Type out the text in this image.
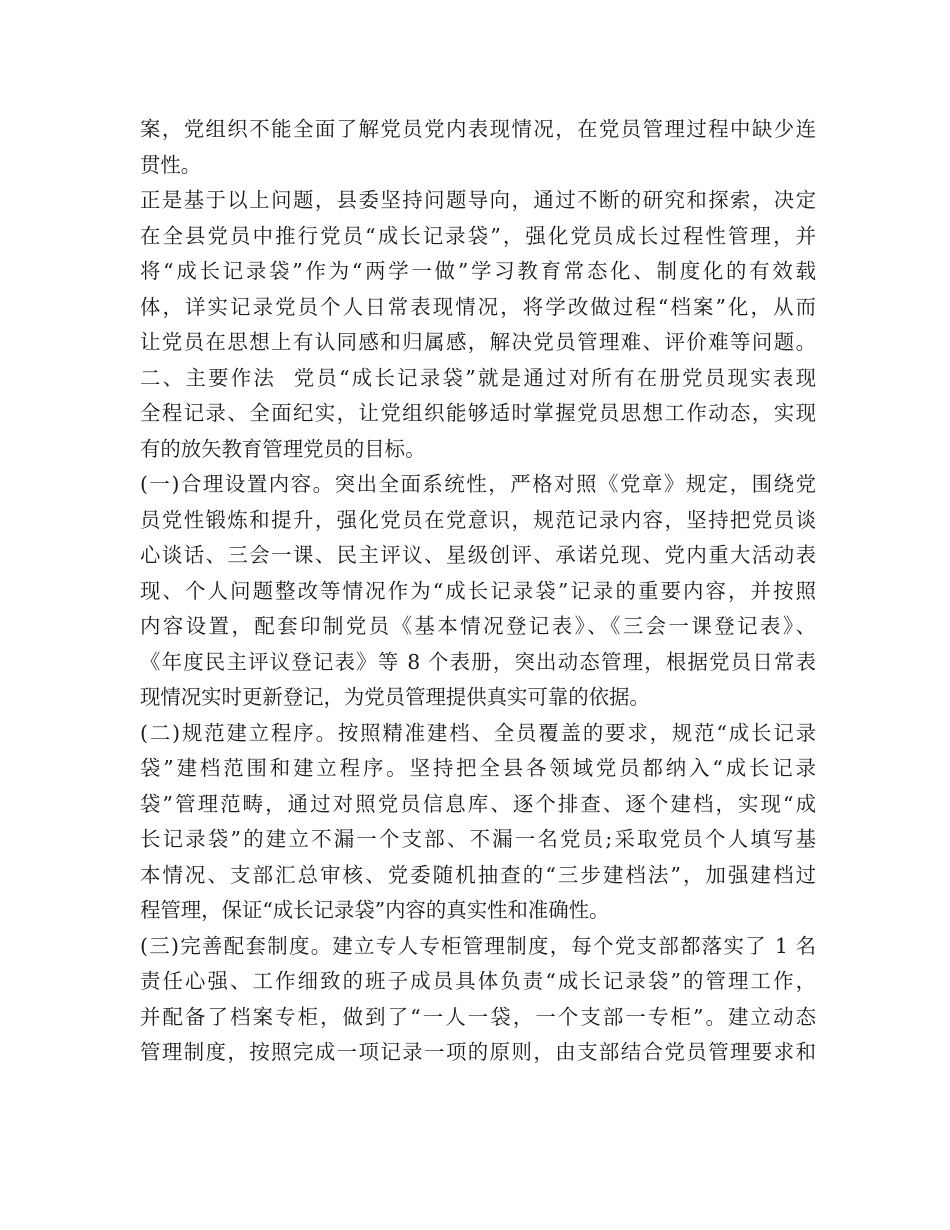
案，党组织不能全面了解党员党内表现情况，在党员管理过程中缺少连
贯性。
正是基于以上问题，县委坚持问题导向，通过不断的研究和探索，决定
在全县党员中推行党员“成长记录袋”，强化党员成长过程性管理，并
将“成长记录袋”作为“两学一做”学习教育常态化、制度化的有效载
体，详实记录党员个人日常表现情况，将学改做过程“档案”化，从而
让党员在思想上有认同感和归属感，解决党员管理难、评价难等问题。
二、主要作法  党员“成长记录袋”就是通过对所有在册党员现实表现
全程记录、全面纪实，让党组织能够适时掌握党员思想工作动态，实现
有的放矢教育管理党员的目标。
(一)合理设置内容。突出全面系统性，严格对照《党章》规定，围绕党
员党性锻炼和提升，强化党员在党意识，规范记录内容，坚持把党员谈
心谈话、三会一课、民主评议、星级创评、承诺兑现、党内重大活动表
现、个人问题整改等情况作为“成长记录袋”记录的重要内容，并按照
内容设置，配套印制党员《基本情况登记表》、《三会一课登记表》、
《年度民主评议登记表》等 8 个表册，突出动态管理，根据党员日常表
现情况实时更新登记，为党员管理提供真实可靠的依据。
(二)规范建立程序。按照精准建档、全员覆盖的要求，规范“成长记录
袋”建档范围和建立程序。坚持把全县各领域党员都纳入“成长记录
袋”管理范畴，通过对照党员信息库、逐个排查、逐个建档，实现“成
长记录袋”的建立不漏一个支部、不漏一名党员;采取党员个人填写基
本情况、支部汇总审核、党委随机抽查的“三步建档法”，加强建档过
程管理，保证“成长记录袋”内容的真实性和准确性。
(三)完善配套制度。建立专人专柜管理制度，每个党支部都落实了 1 名
责任心强、工作细致的班子成员具体负责“成长记录袋”的管理工作，
并配备了档案专柜，做到了“一人一袋，一个支部一专柜”。建立动态
管理制度，按照完成一项记录一项的原则，由支部结合党员管理要求和
